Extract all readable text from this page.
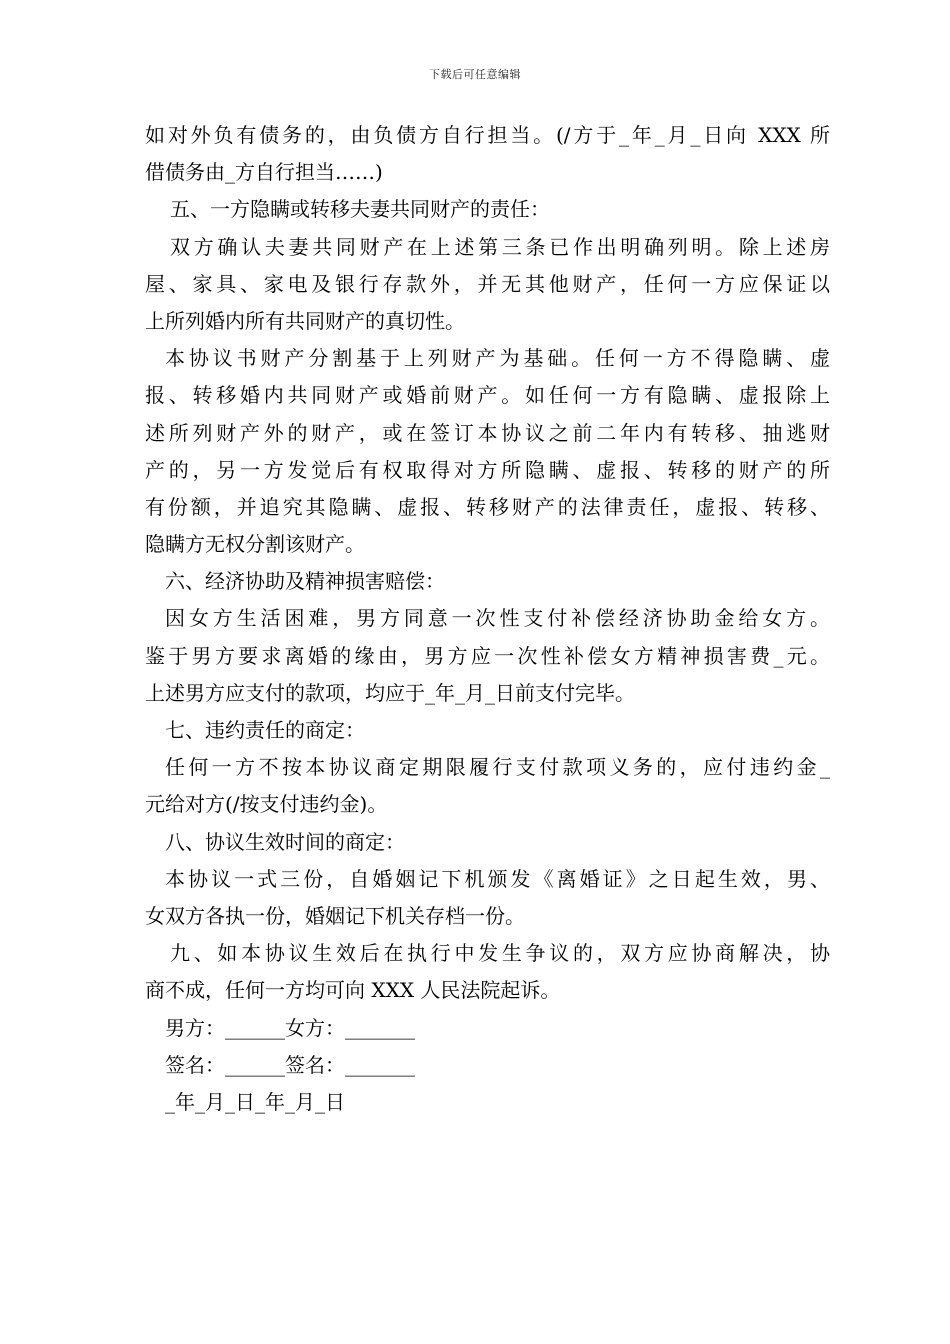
下载后可任意编辑
如对外负有债务的，由负债方自行担当。(/方于_年_月_日向 XXX 所
借债务由_方自行担当……)
五、一方隐瞒或转移夫妻共同财产的责任：
双方确认夫妻共同财产在上述第三条已作出明确列明。除上述房
屋、家具、家电及银行存款外，并无其他财产，任何一方应保证以
上所列婚内所有共同财产的真切性。
本协议书财产分割基于上列财产为基础。任何一方不得隐瞒、虚
报、转移婚内共同财产或婚前财产。如任何一方有隐瞒、虚报除上
述所列财产外的财产，或在签订本协议之前二年内有转移、抽逃财
产的，另一方发觉后有权取得对方所隐瞒、虚报、转移的财产的所
有份额，并追究其隐瞒、虚报、转移财产的法律责任，虚报、转移、
隐瞒方无权分割该财产。
六、经济协助及精神损害赔偿：
因女方生活困难，男方同意一次性支付补偿经济协助金给女方。
鉴于男方要求离婚的缘由，男方应一次性补偿女方精神损害费_元。
上述男方应支付的款项，均应于_年_月_日前支付完毕。
七、违约责任的商定：
任何一方不按本协议商定期限履行支付款项义务的，应付违约金_
元给对方(/按支付违约金)。
八、协议生效时间的商定：
本协议一式三份，自婚姻记下机颁发《离婚证》之日起生效，男、
女双方各执一份，婚姻记下机关存档一份。
九、如本协议生效后在执行中发生争议的，双方应协商解决，协
商不成，任何一方均可向 XXX 人民法院起诉。
男方：______女方：_______
签名：______签名：_______
_年_月_日_年_月_日
